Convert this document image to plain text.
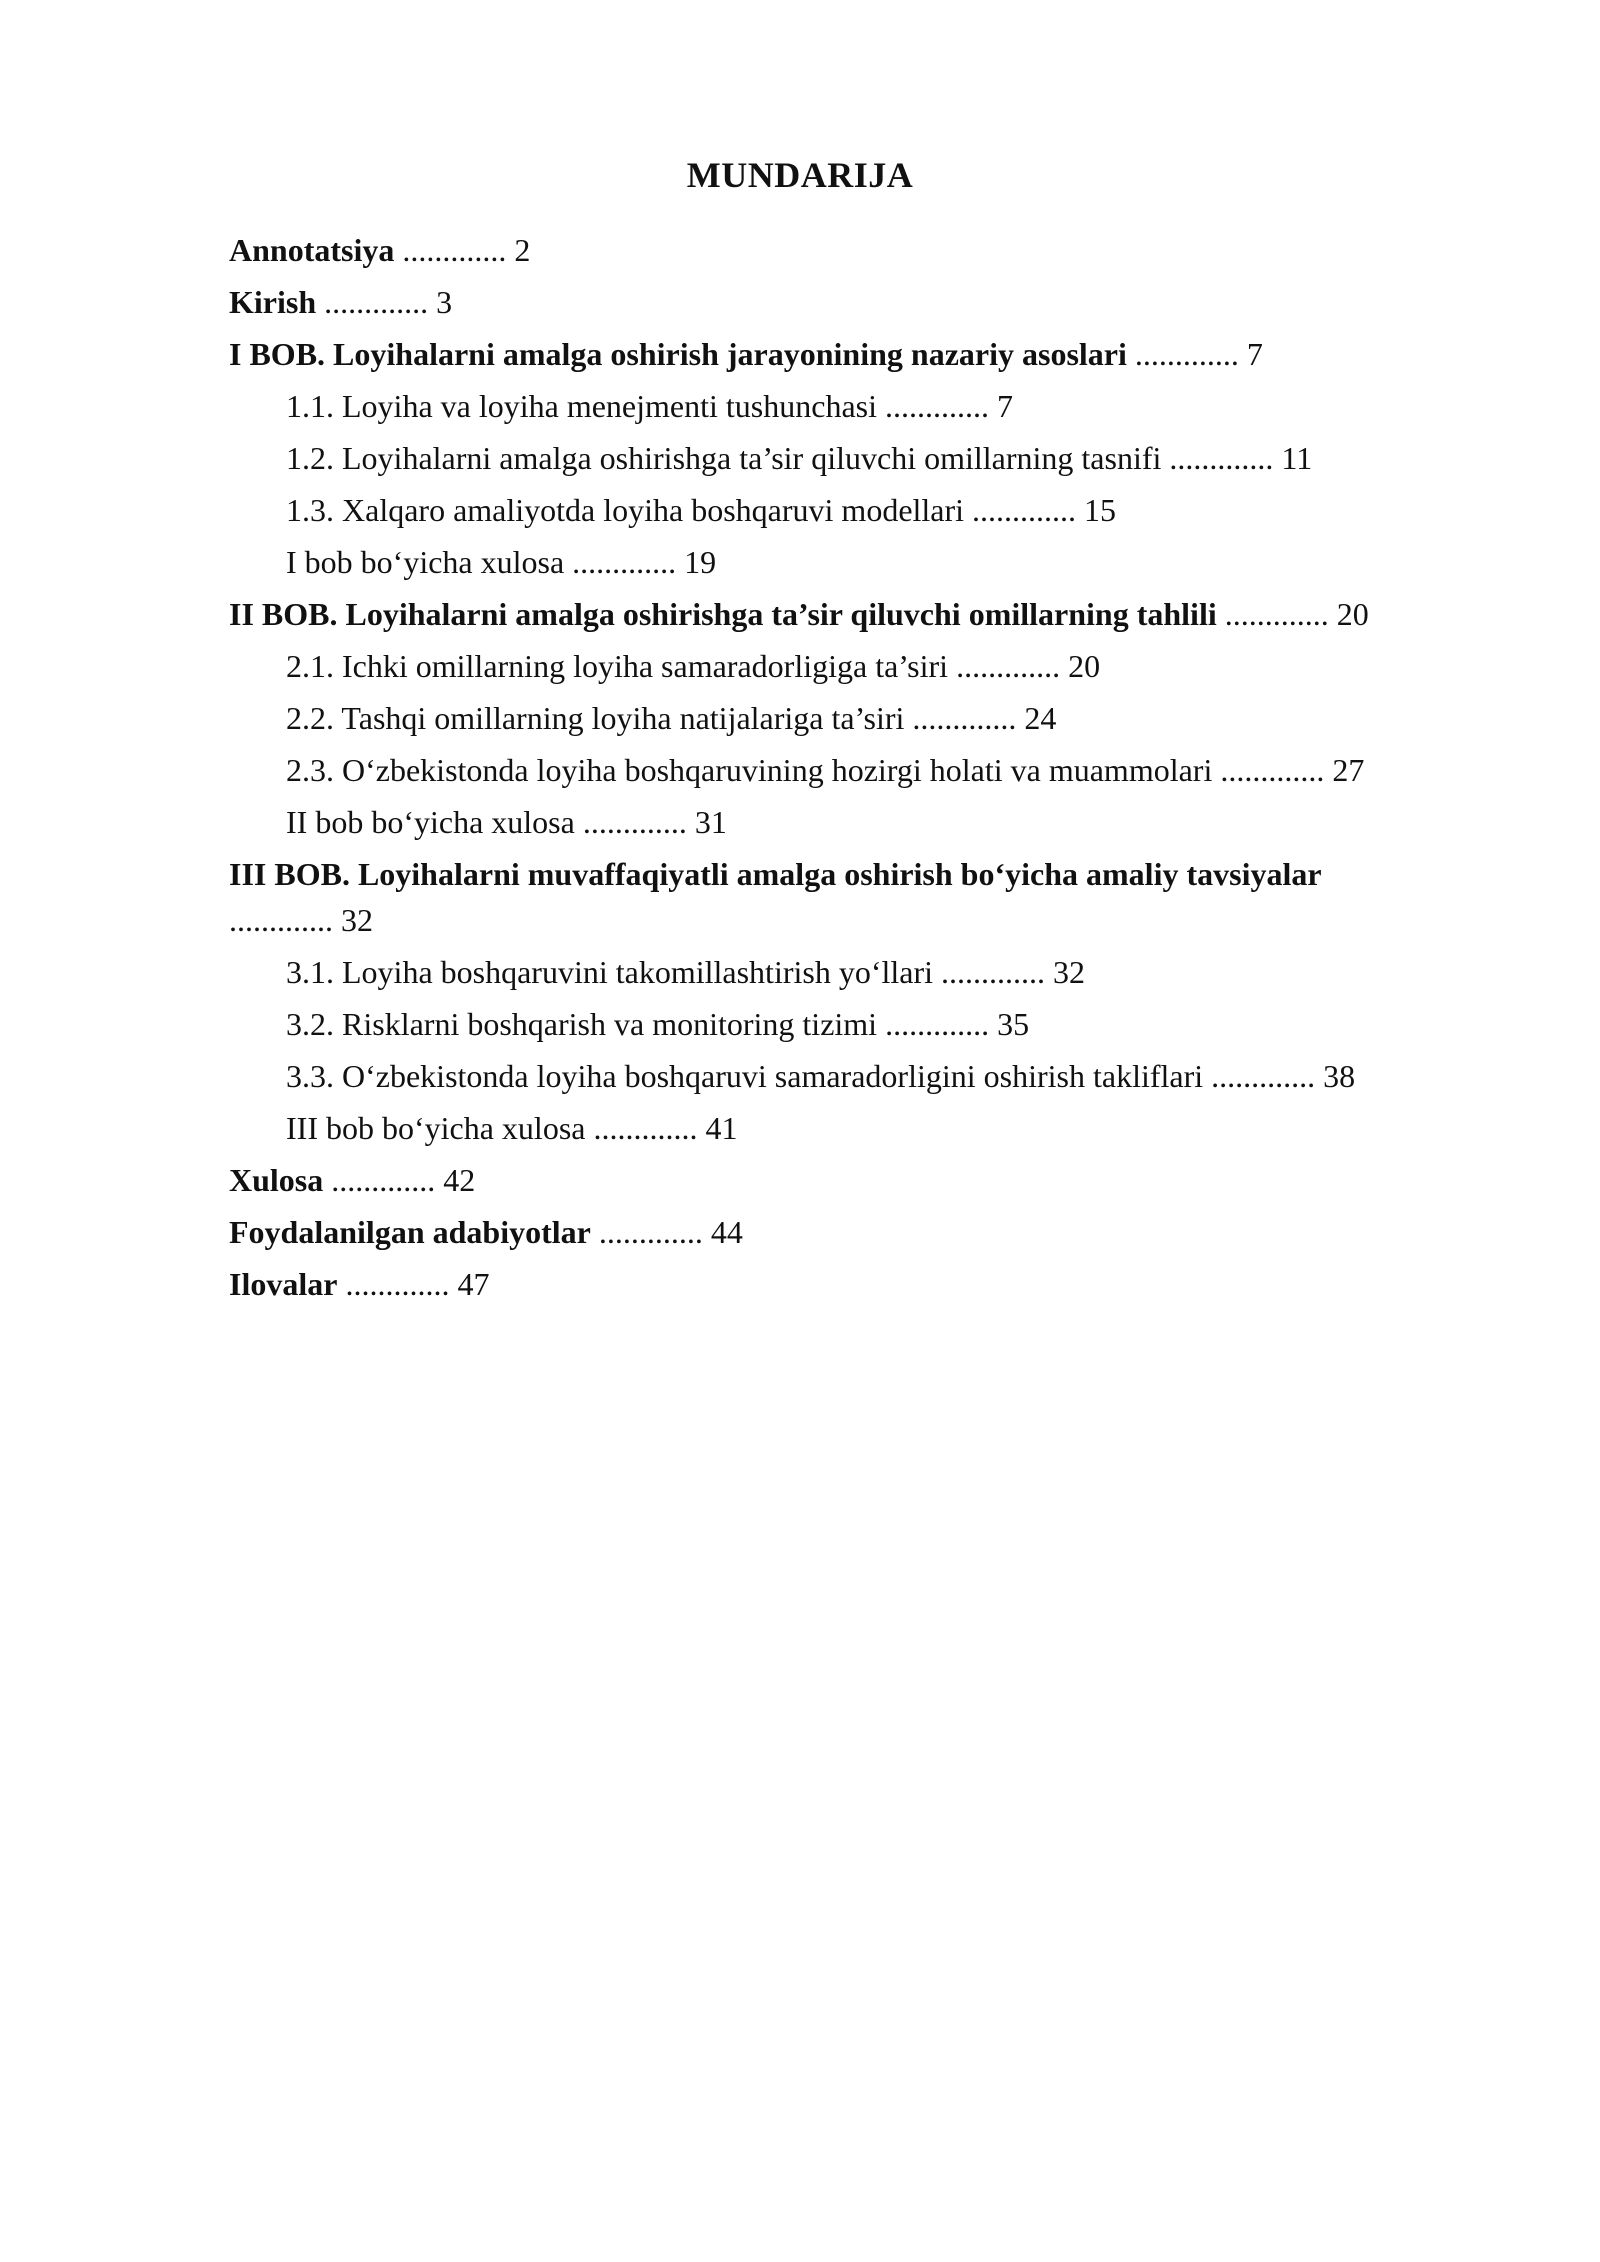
MUNDARIJA
Annotatsiya ............. 2
Kirish ............. 3
I BOB. Loyihalarni amalga oshirish jarayonining nazariy asoslari ............. 7
1.1. Loyiha va loyiha menejmenti tushunchasi ............. 7
1.2. Loyihalarni amalga oshirishga ta’sir qiluvchi omillarning tasnifi ............. 11
1.3. Xalqaro amaliyotda loyiha boshqaruvi modellari ............. 15
I bob bo‘yicha xulosa ............. 19
II BOB. Loyihalarni amalga oshirishga ta’sir qiluvchi omillarning tahlili ............. 20
2.1. Ichki omillarning loyiha samaradorligiga ta’siri ............. 20
2.2. Tashqi omillarning loyiha natijalariga ta’siri ............. 24
2.3. O‘zbekistonda loyiha boshqaruvining hozirgi holati va muammolari ............. 27
II bob bo‘yicha xulosa ............. 31
III BOB. Loyihalarni muvaffaqiyatli amalga oshirish bo‘yicha amaliy tavsiyalar ............. 32
3.1. Loyiha boshqaruvini takomillashtirish yo‘llari ............. 32
3.2. Risklarni boshqarish va monitoring tizimi ............. 35
3.3. O‘zbekistonda loyiha boshqaruvi samaradorligini oshirish takliflari ............. 38
III bob bo‘yicha xulosa ............. 41
Xulosa ............. 42
Foydalanilgan adabiyotlar ............. 44
Ilovalar ............. 47
